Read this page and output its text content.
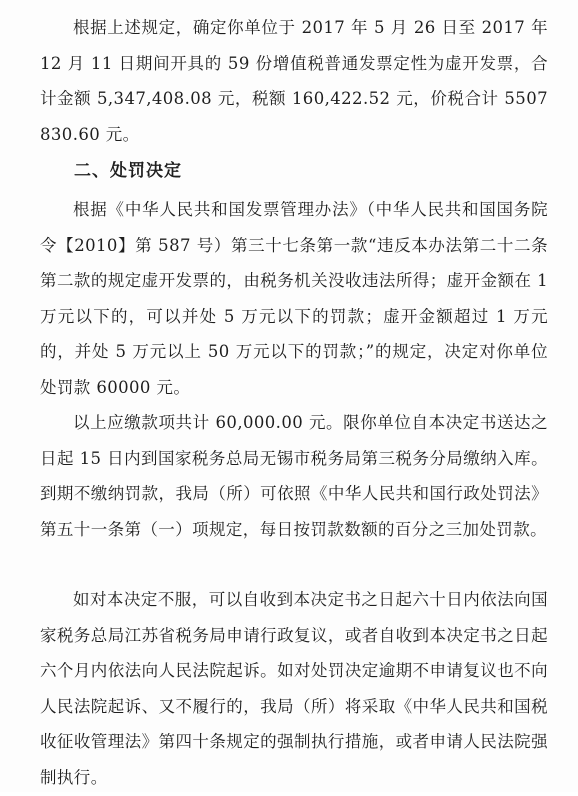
根据上述规定，确定你单位于 2017 年 5 月 26 日至 2017 年 12 月 11 日期间开具的 59 份增值税普通发票定性为虚开发票，合计金额 5,347,408.08 元，税额 160,422.52 元，价税合计 5507830.60 元。

二、处罚决定

根据《中华人民共和国发票管理办法》（中华人民共和国国务院令【2010】第 587 号）第三十七条第一款“违反本办法第二十二条第二款的规定虚开发票的，由税务机关没收违法所得；虚开金额在 1 万元以下的，可以并处 5 万元以下的罚款；虚开金额超过 1 万元的，并处 5 万元以上 50 万元以下的罚款；”的规定，决定对你单位处罚款 60000 元。

以上应缴款项共计 60,000.00 元。限你单位自本决定书送达之日起 15 日内到国家税务总局无锡市税务局第三税务分局缴纳入库。到期不缴纳罚款，我局（所）可依照《中华人民共和国行政处罚法》第五十一条第（一）项规定，每日按罚款数额的百分之三加处罚款。

如对本决定不服，可以自收到本决定书之日起六十日内依法向国家税务总局江苏省税务局申请行政复议，或者自收到本决定书之日起六个月内依法向人民法院起诉。如对处罚决定逾期不申请复议也不向人民法院起诉、又不履行的，我局（所）将采取《中华人民共和国税收征收管理法》第四十条规定的强制执行措施，或者申请人民法院强制执行。
